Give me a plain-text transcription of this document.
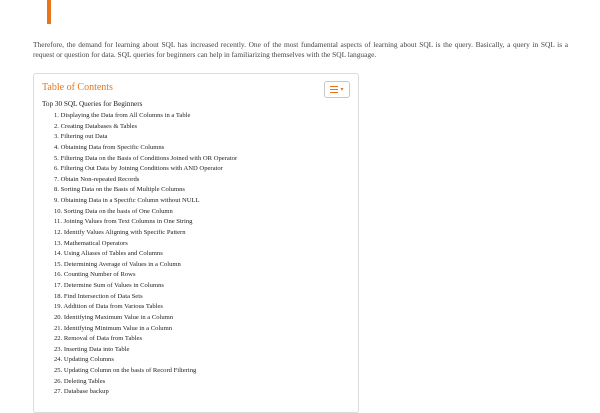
Therefore, the demand for learning about SQL has increased recently. One of the most fundamental aspects of learning about SQL is the query. Basically, a query in SQL is a request or question for data. SQL queries for beginners can help in familiarizing themselves with the SQL language.

Table of Contents	▾
Top 30 SQL Queries for Beginners
1. Displaying the Data from All Columns in a Table
2. Creating Databases & Tables
3. Filtering out Data
4. Obtaining Data from Specific Columns
5. Filtering Data on the Basis of Conditions Joined with OR Operator
6. Filtering Out Data by Joining Conditions with AND Operator
7. Obtain Non-repeated Records
8. Sorting Data on the Basis of Multiple Columns
9. Obtaining Data in a Specific Column without NULL
10. Sorting Data on the basis of One Column
11. Joining Values from Text Columns in One String
12. Identify Values Aligning with Specific Pattern
13. Mathematical Operators
14. Using Aliases of Tables and Columns
15. Determining Average of Values in a Column
16. Counting Number of Rows
17. Determine Sum of Values in Columns
18. Find Intersection of Data Sets
19. Addition of Data from Various Tables
20. Identifying Maximum Value in a Column
21. Identifying Minimum Value in a Column
22. Removal of Data from Tables
23. Inserting Data into Table
24. Updating Columns
25. Updating Column on the basis of Record Filtering
26. Deleting Tables
27. Database backup
